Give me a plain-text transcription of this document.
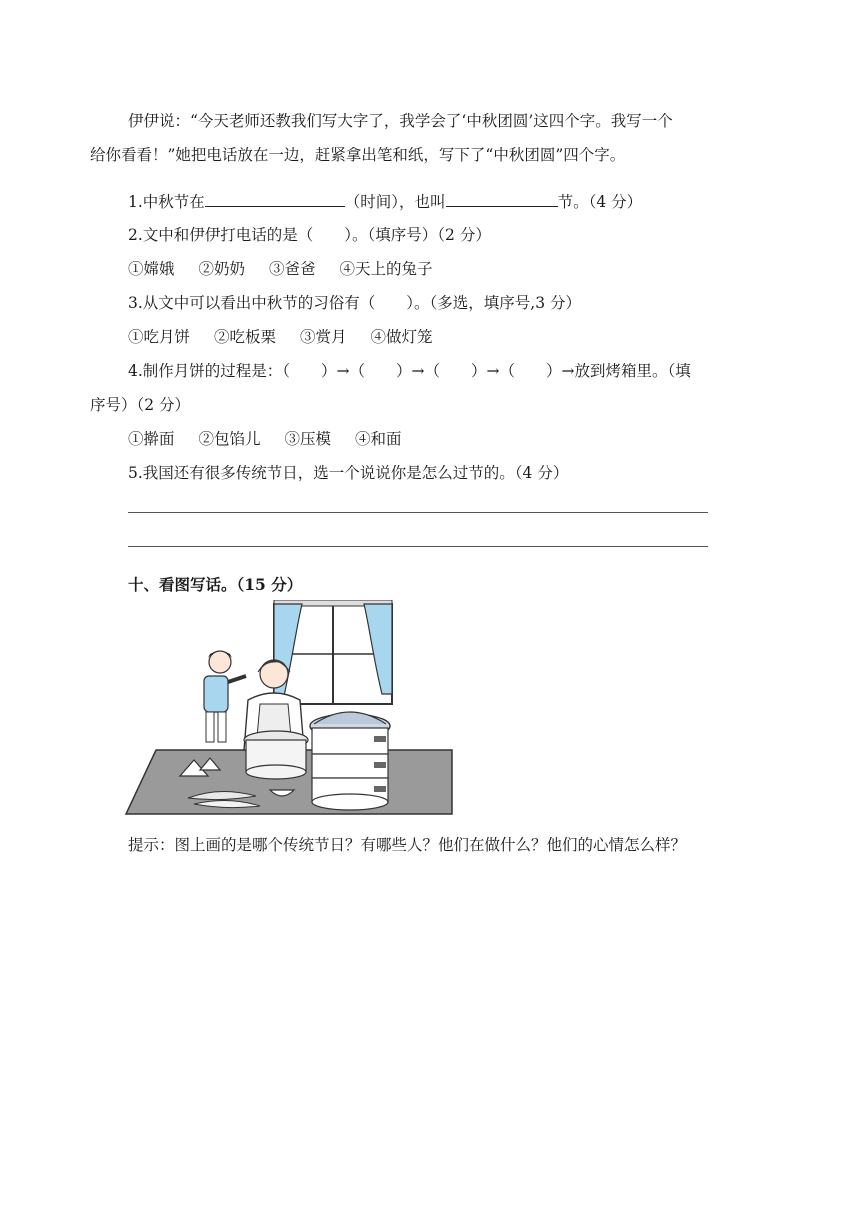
伊伊说：“今天老师还教我们写大字了，我学会了‘中秋团圆’这四个字。我写一个
给你看看！”她把电话放在一边，赶紧拿出笔和纸，写下了“中秋团圆”四个字。
1.中秋节在	（时间），也叫	节。（4 分）
2.文中和伊伊打电话的是（　　）。（填序号）（2 分）
①嫦娥 ②奶奶 ③爸爸 ④天上的兔子
3.从文中可以看出中秋节的习俗有（　　）。（多选，填序号,3 分）
①吃月饼 ②吃板栗 ③赏月 ④做灯笼
4.制作月饼的过程是：（　　）→（　　）→（　　）→（　　）→放到烤箱里。（填
序号）（2 分）
①擀面 ②包馅儿 ③压模 ④和面
5.我国还有很多传统节日，选一个说说你是怎么过节的。（4 分）
十、看图写话。（15 分）
提示：图上画的是哪个传统节日？有哪些人？他们在做什么？他们的心情怎么样？
